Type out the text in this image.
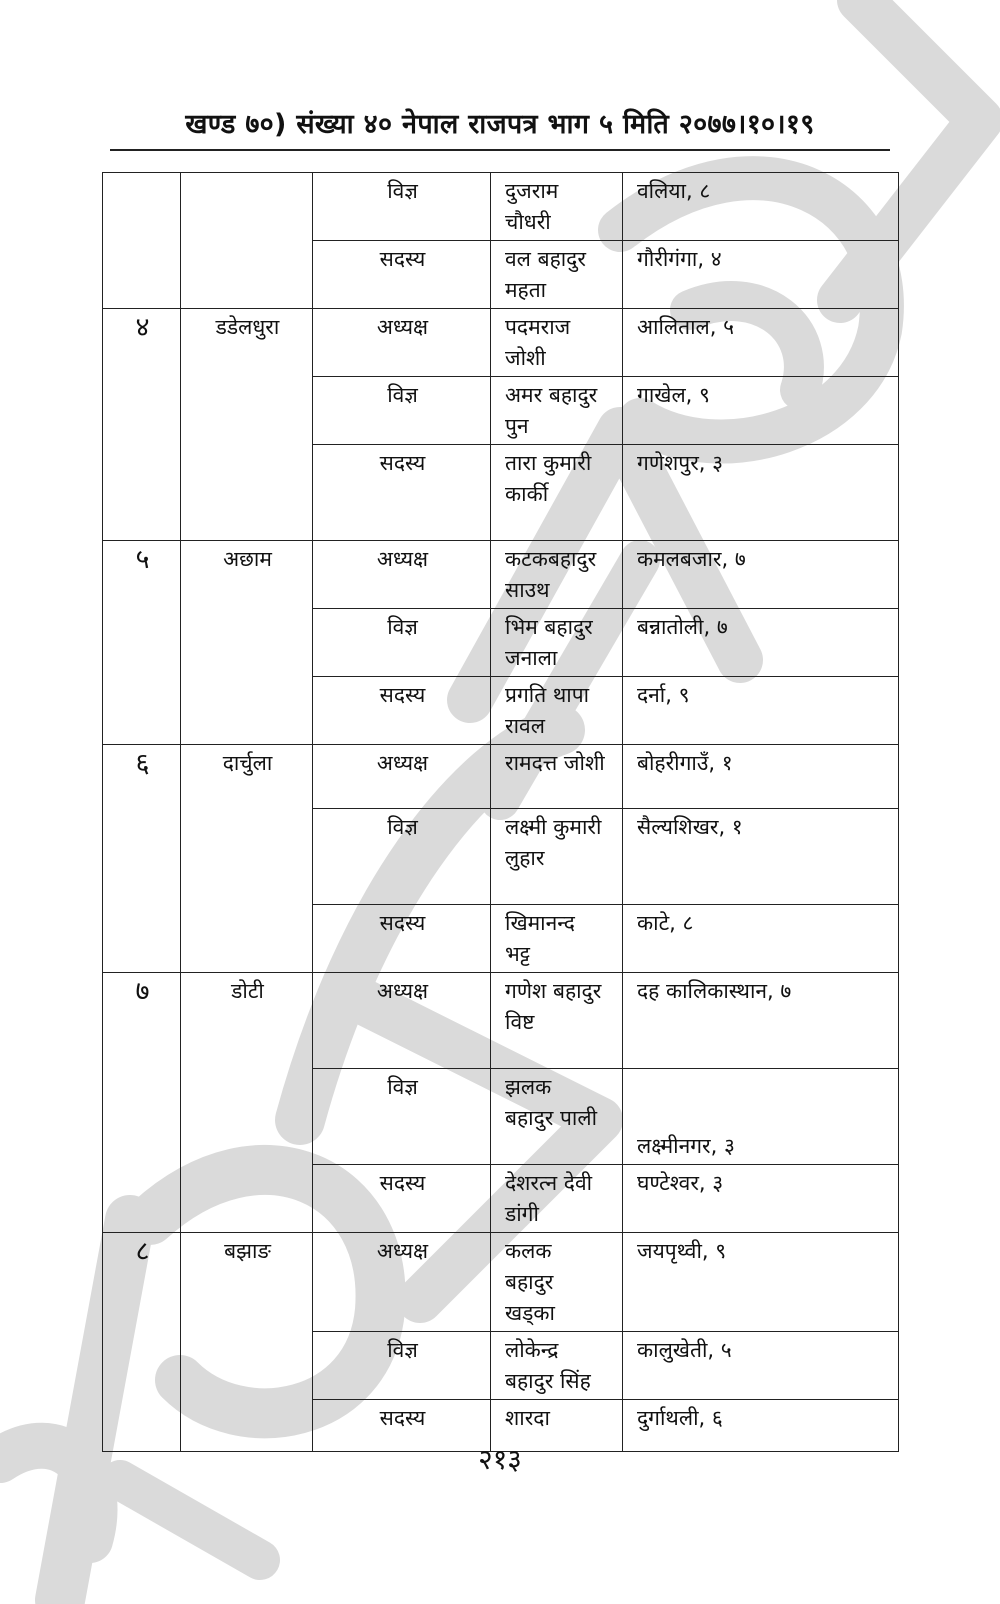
खण्ड ७०) संख्या ४० नेपाल राजपत्र भाग ५ मिति २०७७।१०।१९
		विज्ञ	दुजराम चौधरी	वलिया, ८
		सदस्य	वल बहादुर महता	गौरीगंगा, ४
४	डडेलधुरा	अध्यक्ष	पदमराज जोशी	आलिताल, ५
		विज्ञ	अमर बहादुर पुन	गाखेल, ९
		सदस्य	तारा कुमारी कार्की	गणेशपुर, ३
५	अछाम	अध्यक्ष	कटकबहादुर साउथ	कमलबजार, ७
		विज्ञ	भिम बहादुर जनाला	बन्नातोली, ७
		सदस्य	प्रगति थापा रावल	दर्ना, ९
६	दार्चुला	अध्यक्ष	रामदत्त जोशी	बोहरीगाउँ, १
		विज्ञ	लक्ष्मी कुमारी लुहार	सैल्यशिखर, १
		सदस्य	खिमानन्द भट्ट	काटे, ८
७	डोटी	अध्यक्ष	गणेश बहादुर विष्ट	दह कालिकास्थान, ७
		विज्ञ	झलक बहादुर पाली	लक्ष्मीनगर, ३
		सदस्य	देशरत्न देवी डांगी	घण्टेश्वर, ३
८	बझाङ	अध्यक्ष	कलक बहादुर खड्का	जयपृथ्वी, ९
		विज्ञ	लोकेन्द्र बहादुर सिंह	कालुखेती, ५
		सदस्य	शारदा	दुर्गाथली, ६
२१३
